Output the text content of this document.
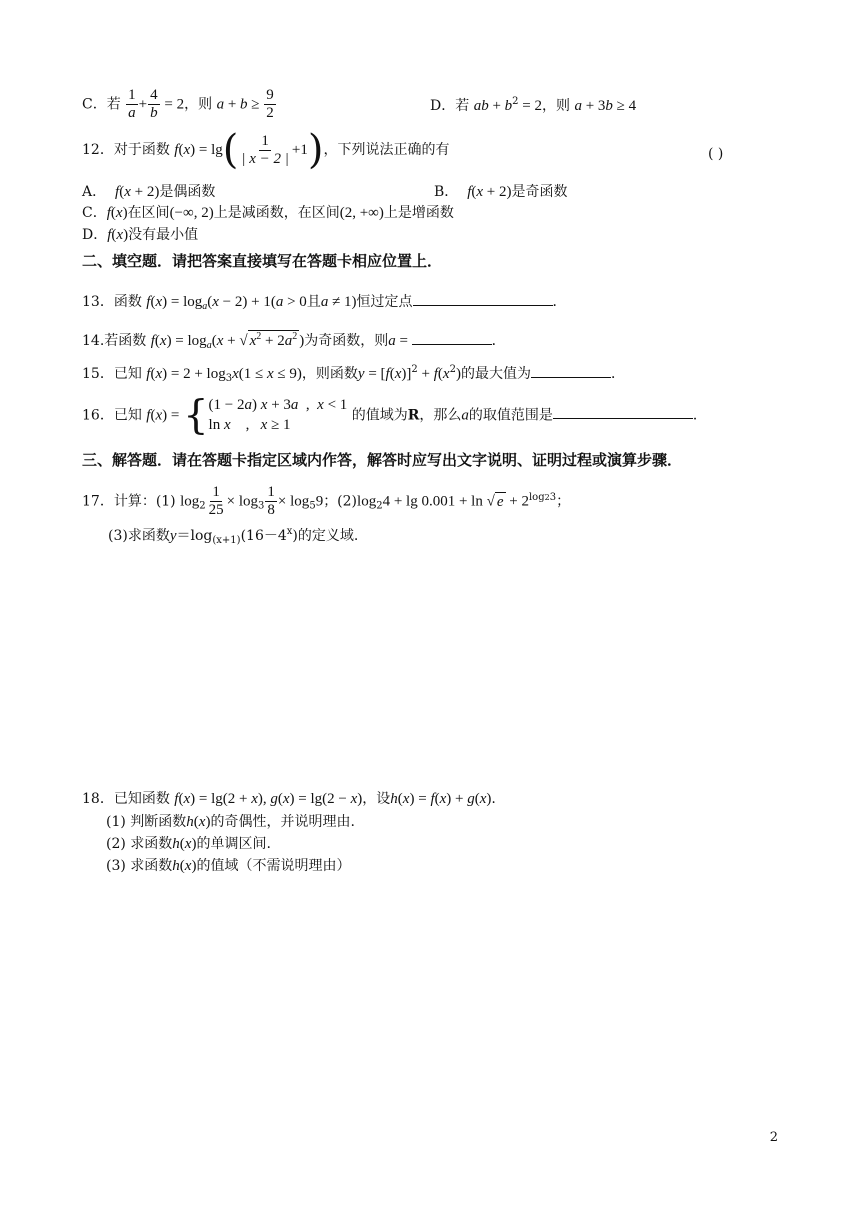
C．若 $\frac{1}{a} + \frac{4}{b} = 2$，则 $a + b \ge \frac{9}{2}$	D．若 ab + $b^2 = 2$，则 a + 3b ≥ 4
12．对于函数 $f(x) = \lg( \frac{1}{| x - 2 |} +1)$，下列说法正确的有	( )
A． f(x + 2)是偶函数	B． f(x + 2)是奇函数
C．f(x)在区间(−∞, 2)上是减函数，在区间(2, +∞)上是增函数
D．f(x)没有最小值
二、填空题．请把答案直接填写在答题卡相应位置上．
13．函数 $f(x) = \log_a(x - 2) + 1(a > 0$且a ≠ 1)恒过定点	．
14.若函数 $f(x) = \log_a(x$ + √ $x^2 + 2a^2$ )为奇函数，则a =	．
15．已知 $f(x) = 2 + \log_3x(1 \le x \le 9)$，则函数$y = [f(x)]^2 + f(x^2)$的最大值为	．
16．已知 f(x) = { (1 − 2a) x + 3a  ,  x < 1
ln x    ,   x ≥ 1
的值域为R，那么a的取值范围是	．
三、解答题．请在答题卡指定区域内作答，解答时应写出文字说明、证明过程或演算步骤．
17．计算：(1) $\log_2 \frac{1}{25} \times \log_3 \frac{1}{8} \times \log_59$；$(2)\log_24 + \lg 0.001 + \ln$ √ $e + 2^{log23}$；
(3)求函数$y=\log_{(x+1)}(16-4^x)$的定义域.
18．已知函数 f(x) = lg(2 + x), g(x) = lg(2 − x)，设h(x) = f(x) + g(x).
(1) 判断函数h(x)的奇偶性，并说明理由.
(2) 求函数h(x)的单调区间.
(3) 求函数h(x)的值域（不需说明理由）
2
